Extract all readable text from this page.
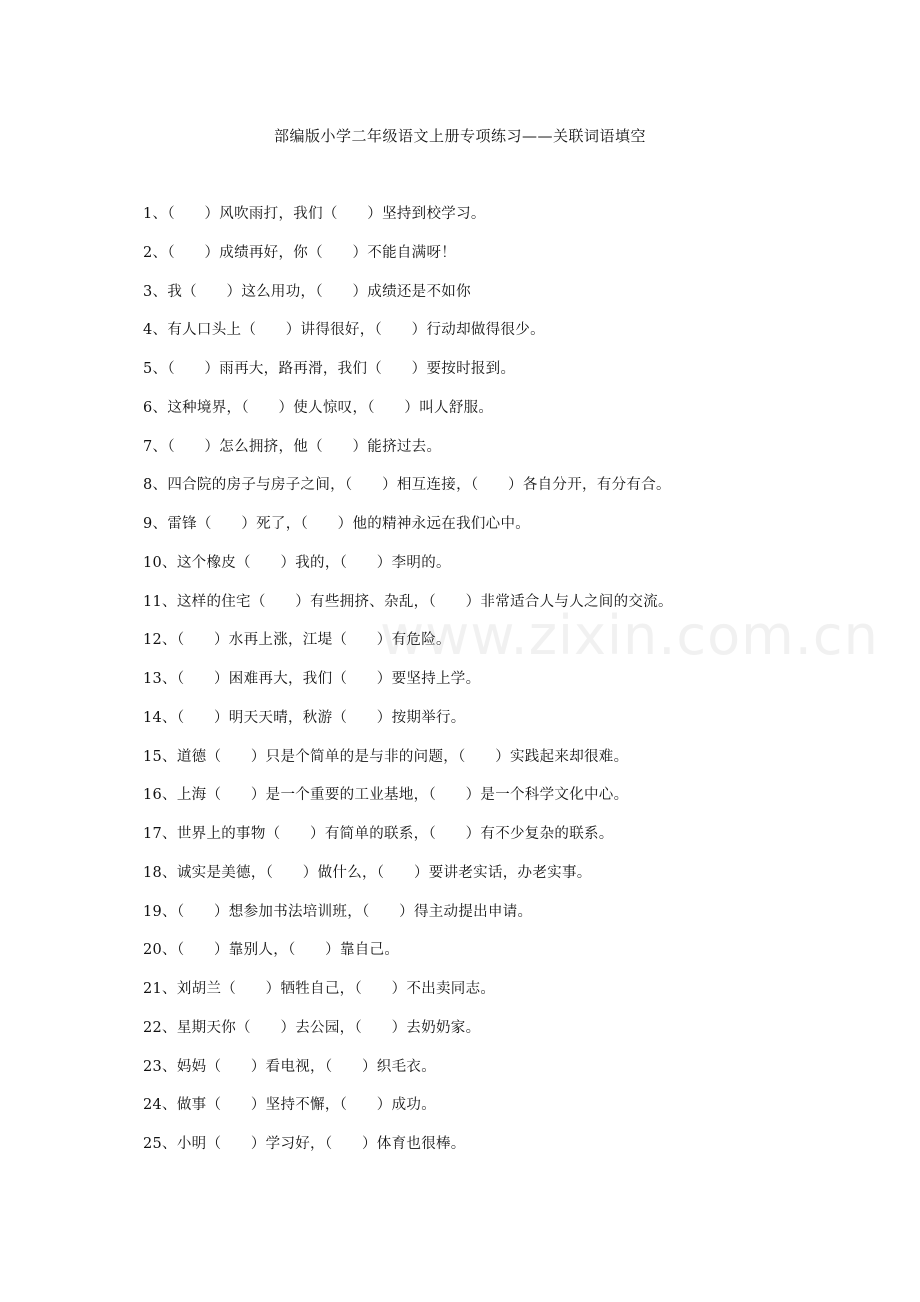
部编版小学二年级语文上册专项练习——关联词语填空
www.zixin.com.cn
1、（　　）风吹雨打，我们（　　）坚持到校学习。
2、（　　）成绩再好，你（　　）不能自满呀！
3、我（　　）这么用功，（　　）成绩还是不如你
4、有人口头上（　　）讲得很好，（　　）行动却做得很少。
5、（　　）雨再大，路再滑，我们（　　）要按时报到。
6、这种境界，（　　）使人惊叹，（　　）叫人舒服。
7、（　　）怎么拥挤，他（　　）能挤过去。
8、四合院的房子与房子之间，（　　）相互连接，（　　）各自分开，有分有合。
9、雷锋（　　）死了，（　　）他的精神永远在我们心中。
10、这个橡皮（　　）我的，（　　）李明的。
11、这样的住宅（　　）有些拥挤、杂乱，（　　）非常适合人与人之间的交流。
12、（　　）水再上涨，江堤（　　）有危险。
13、（　　）困难再大，我们（　　）要坚持上学。
14、（　　）明天天晴，秋游（　　）按期举行。
15、道德（　　）只是个简单的是与非的问题，（　　）实践起来却很难。
16、上海（　　）是一个重要的工业基地，（　　）是一个科学文化中心。
17、世界上的事物（　　）有简单的联系，（　　）有不少复杂的联系。
18、诚实是美德，（　　）做什么，（　　）要讲老实话，办老实事。
19、（　　）想参加书法培训班，（　　）得主动提出申请。
20、（　　）靠别人，（　　）靠自己。
21、刘胡兰（　　）牺牲自己，（　　）不出卖同志。
22、星期天你（　　）去公园，（　　）去奶奶家。
23、妈妈（　　）看电视，（　　）织毛衣。
24、做事（　　）坚持不懈，（　　）成功。
25、小明（　　）学习好，（　　）体育也很棒。
